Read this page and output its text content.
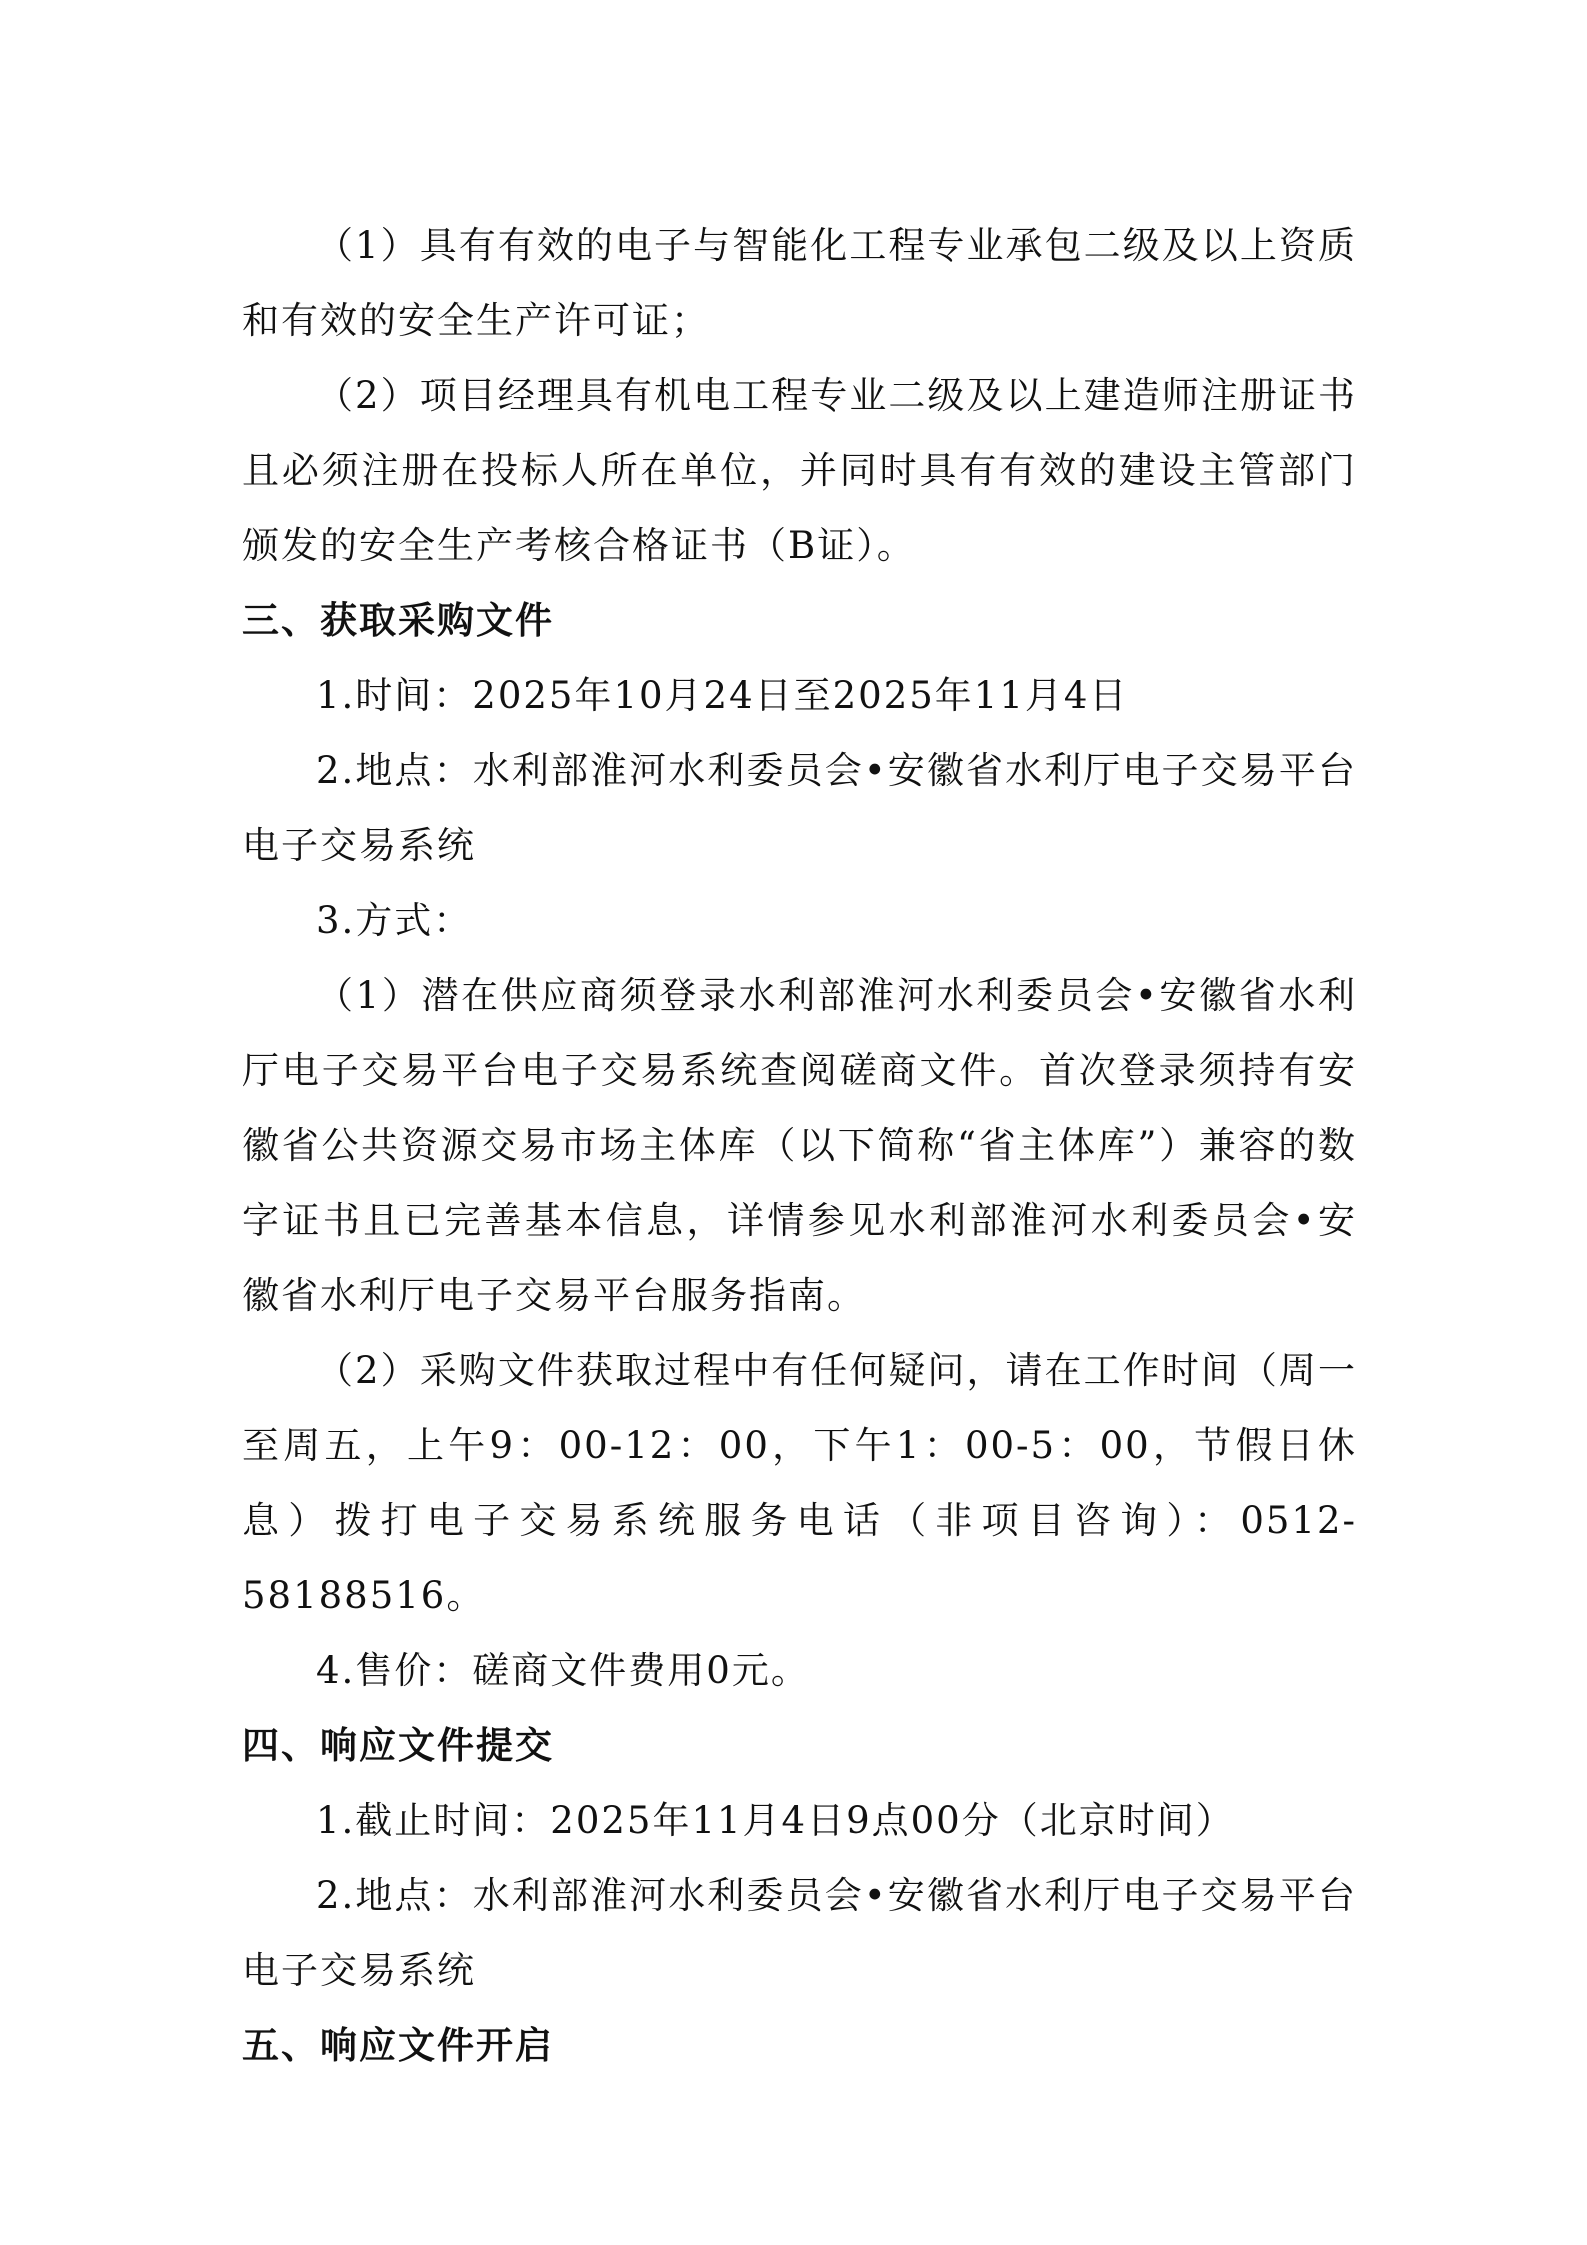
（1）具有有效的电子与智能化工程专业承包二级及以上资质和有效的安全生产许可证；

（2）项目经理具有机电工程专业二级及以上建造师注册证书且必须注册在投标人所在单位，并同时具有有效的建设主管部门颁发的安全生产考核合格证书（B证）。

三、获取采购文件

1.时间：2025年10月24日至2025年11月4日

2.地点：水利部淮河水利委员会•安徽省水利厅电子交易平台电子交易系统

3.方式：

（1）潜在供应商须登录水利部淮河水利委员会•安徽省水利厅电子交易平台电子交易系统查阅磋商文件。首次登录须持有安徽省公共资源交易市场主体库（以下简称“省主体库”）兼容的数字证书且已完善基本信息，详情参见水利部淮河水利委员会•安徽省水利厅电子交易平台服务指南。

（2）采购文件获取过程中有任何疑问，请在工作时间（周一至周五，上午9：00-12：00，下午1：00-5：00，节假日休息）拨打电子交易系统服务电话（非项目咨询）：0512-58188516。

4.售价：磋商文件费用0元。

四、响应文件提交

1.截止时间：2025年11月4日9点00分（北京时间）

2.地点：水利部淮河水利委员会•安徽省水利厅电子交易平台电子交易系统

五、响应文件开启
